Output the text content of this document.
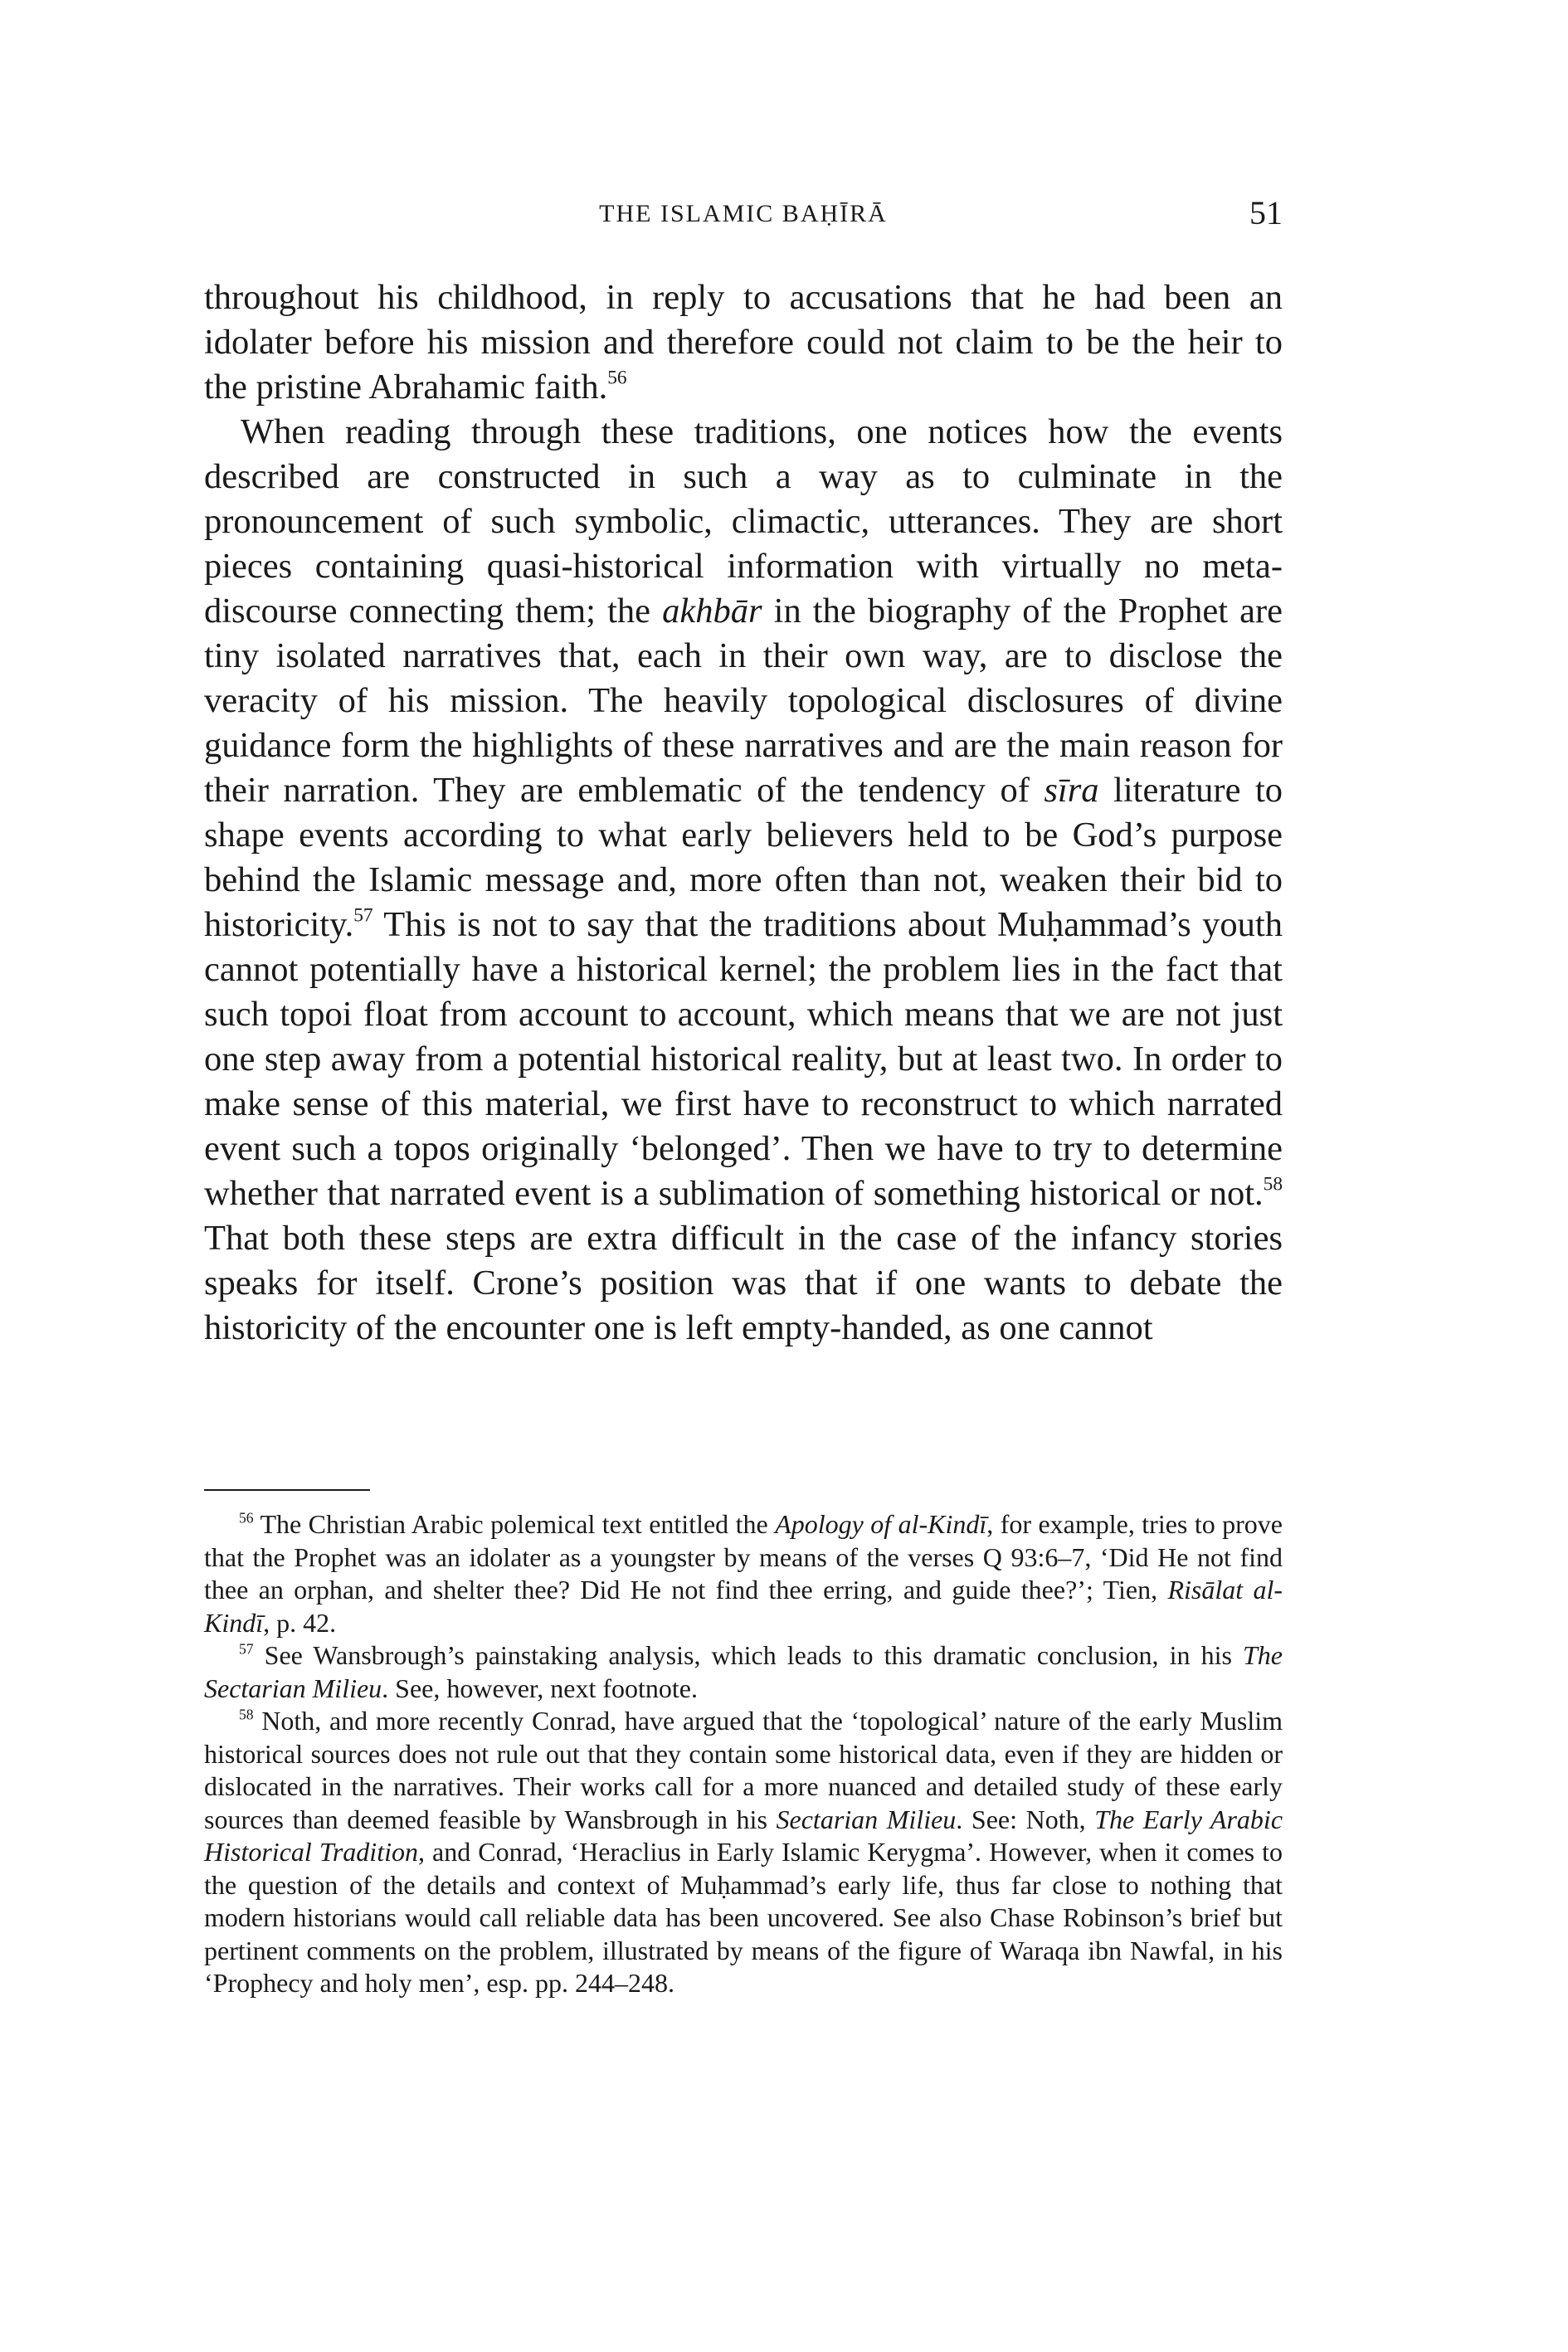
THE ISLAMIC BAḤĪRĀ	51

throughout his childhood, in reply to accusations that he had been an idolater before his mission and therefore could not claim to be the heir to the pristine Abrahamic faith.$^{56}$

When reading through these traditions, one notices how the events described are constructed in such a way as to culminate in the pronouncement of such symbolic, climactic, utterances. They are short pieces containing quasi-historical information with virtually no meta-discourse connecting them; the akhbār in the biography of the Prophet are tiny isolated narratives that, each in their own way, are to disclose the veracity of his mission. The heavily topological disclosures of divine guidance form the highlights of these narratives and are the main reason for their narration. They are emblematic of the tendency of sīra literature to shape events according to what early believers held to be God’s purpose behind the Islamic message and, more often than not, weaken their bid to historicity.$^{57}$ This is not to say that the traditions about Muḥammad’s youth cannot potentially have a historical kernel; the problem lies in the fact that such topoi float from account to account, which means that we are not just one step away from a potential historical reality, but at least two. In order to make sense of this material, we first have to reconstruct to which narrated event such a topos originally ‘belonged’. Then we have to try to determine whether that narrated event is a sublimation of something historical or not.$^{58}$ That both these steps are extra difficult in the case of the infancy stories speaks for itself. Crone’s position was that if one wants to debate the historicity of the encounter one is left empty-handed, as one cannot

$^{56}$ The Christian Arabic polemical text entitled the Apology of al-Kindī, for example, tries to prove that the Prophet was an idolater as a youngster by means of the verses Q 93:6–7, ‘Did He not find thee an orphan, and shelter thee? Did He not find thee erring, and guide thee?’; Tien, Risālat al-Kindī, p. 42.

$^{57}$ See Wansbrough’s painstaking analysis, which leads to this dramatic conclusion, in his The Sectarian Milieu. See, however, next footnote.

$^{58}$ Noth, and more recently Conrad, have argued that the ‘topological’ nature of the early Muslim historical sources does not rule out that they contain some historical data, even if they are hidden or dislocated in the narratives. Their works call for a more nuanced and detailed study of these early sources than deemed feasible by Wansbrough in his Sectarian Milieu. See: Noth, The Early Arabic Historical Tradition, and Conrad, ‘Heraclius in Early Islamic Kerygma’. However, when it comes to the question of the details and context of Muḥammad’s early life, thus far close to nothing that modern historians would call reliable data has been uncovered. See also Chase Robinson’s brief but pertinent comments on the problem, illustrated by means of the figure of Waraqa ibn Nawfal, in his ‘Prophecy and holy men’, esp. pp. 244–248.
